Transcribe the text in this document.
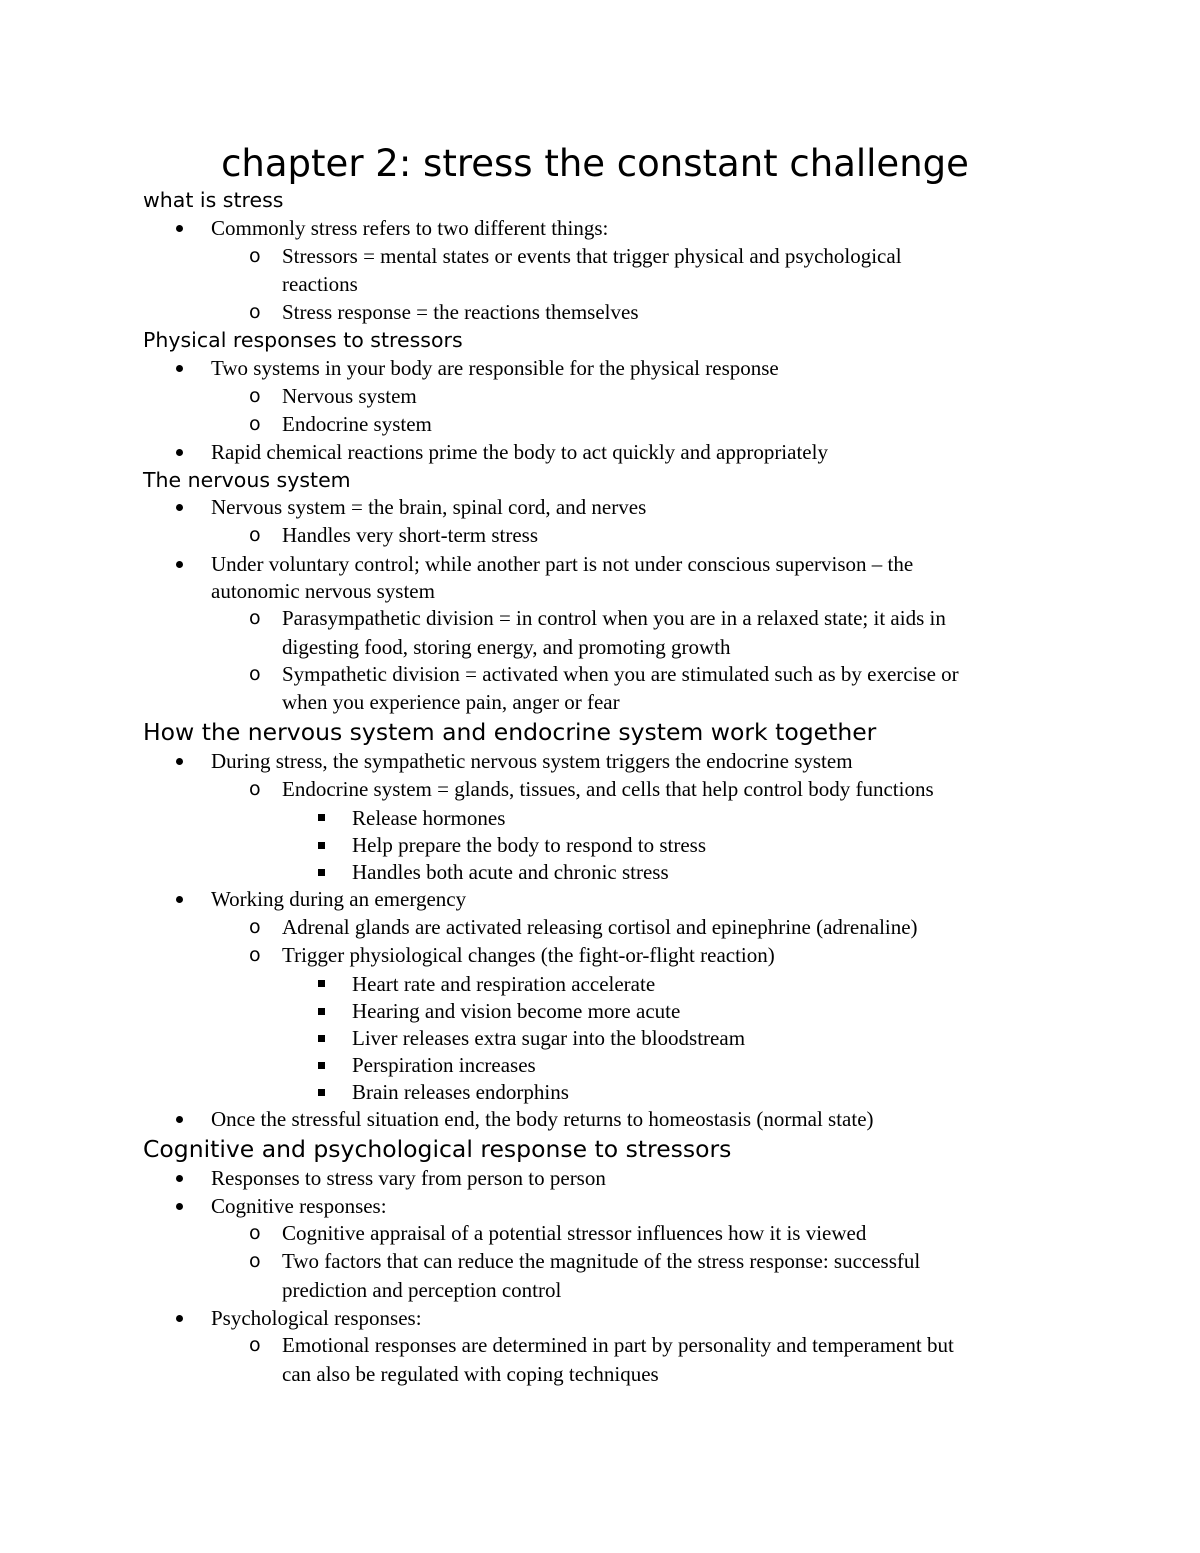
chapter 2: stress the constant challenge
what is stress
Commonly stress refers to two different things:
o Stressors = mental states or events that trigger physical and psychological
reactions
o Stress response = the reactions themselves
Physical responses to stressors
Two systems in your body are responsible for the physical response
o Nervous system
o Endocrine system
Rapid chemical reactions prime the body to act quickly and appropriately
The nervous system
Nervous system = the brain, spinal cord, and nerves
o Handles very short-term stress
Under voluntary control; while another part is not under conscious supervison – the
autonomic nervous system
o Parasympathetic division = in control when you are in a relaxed state; it aids in
digesting food, storing energy, and promoting growth
o Sympathetic division = activated when you are stimulated such as by exercise or
when you experience pain, anger or fear
How the nervous system and endocrine system work together
During stress, the sympathetic nervous system triggers the endocrine system
o Endocrine system = glands, tissues, and cells that help control body functions
Release hormones
Help prepare the body to respond to stress
Handles both acute and chronic stress
Working during an emergency
o Adrenal glands are activated releasing cortisol and epinephrine (adrenaline)
o Trigger physiological changes (the fight-or-flight reaction)
Heart rate and respiration accelerate
Hearing and vision become more acute
Liver releases extra sugar into the bloodstream
Perspiration increases
Brain releases endorphins
Once the stressful situation end, the body returns to homeostasis (normal state)
Cognitive and psychological response to stressors
Responses to stress vary from person to person
Cognitive responses:
o Cognitive appraisal of a potential stressor influences how it is viewed
o Two factors that can reduce the magnitude of the stress response: successful
prediction and perception control
Psychological responses:
o Emotional responses are determined in part by personality and temperament but
can also be regulated with coping techniques
